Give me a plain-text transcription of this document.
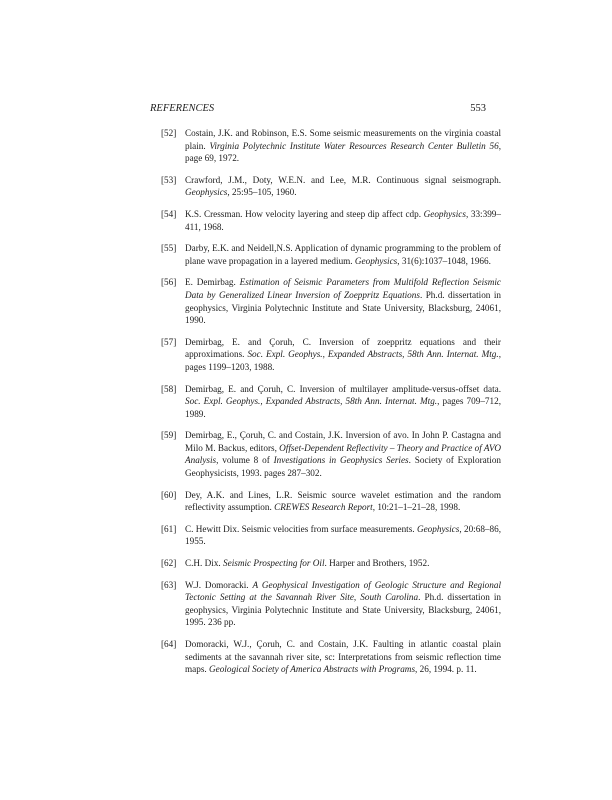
REFERENCES	553
[52] Costain, J.K. and Robinson, E.S. Some seismic measurements on the virginia coastal plain. Virginia Polytechnic Institute Water Resources Research Center Bulletin 56, page 69, 1972.
[53] Crawford, J.M., Doty, W.E.N. and Lee, M.R. Continuous signal seismograph. Geophysics, 25:95–105, 1960.
[54] K.S. Cressman. How velocity layering and steep dip affect cdp. Geophysics, 33:399–411, 1968.
[55] Darby, E.K. and Neidell,N.S. Application of dynamic programming to the problem of plane wave propagation in a layered medium. Geophysics, 31(6):1037–1048, 1966.
[56] E. Demirbag. Estimation of Seismic Parameters from Multifold Reflection Seismic Data by Generalized Linear Inversion of Zoeppritz Equations. Ph.d. dissertation in geophysics, Virginia Polytechnic Institute and State University, Blacksburg, 24061, 1990.
[57] Demirbag, E. and Çoruh, C. Inversion of zoeppritz equations and their approximations. Soc. Expl. Geophys., Expanded Abstracts, 58th Ann. Internat. Mtg., pages 1199–1203, 1988.
[58] Demirbag, E. and Çoruh, C. Inversion of multilayer amplitude-versus-offset data. Soc. Expl. Geophys., Expanded Abstracts, 58th Ann. Internat. Mtg., pages 709–712, 1989.
[59] Demirbag, E., Çoruh, C. and Costain, J.K. Inversion of avo. In John P. Castagna and Milo M. Backus, editors, Offset-Dependent Reflectivity – Theory and Practice of AVO Analysis, volume 8 of Investigations in Geophysics Series. Society of Exploration Geophysicists, 1993. pages 287–302.
[60] Dey, A.K. and Lines, L.R. Seismic source wavelet estimation and the random reflectivity assumption. CREWES Research Report, 10:21–1–21–28, 1998.
[61] C. Hewitt Dix. Seismic velocities from surface measurements. Geophysics, 20:68–86, 1955.
[62] C.H. Dix. Seismic Prospecting for Oil. Harper and Brothers, 1952.
[63] W.J. Domoracki. A Geophysical Investigation of Geologic Structure and Regional Tectonic Setting at the Savannah River Site, South Carolina. Ph.d. dissertation in geophysics, Virginia Polytechnic Institute and State University, Blacksburg, 24061, 1995. 236 pp.
[64] Domoracki, W.J., Çoruh, C. and Costain, J.K. Faulting in atlantic coastal plain sediments at the savannah river site, sc: Interpretations from seismic reflection time maps. Geological Society of America Abstracts with Programs, 26, 1994. p. 11.
